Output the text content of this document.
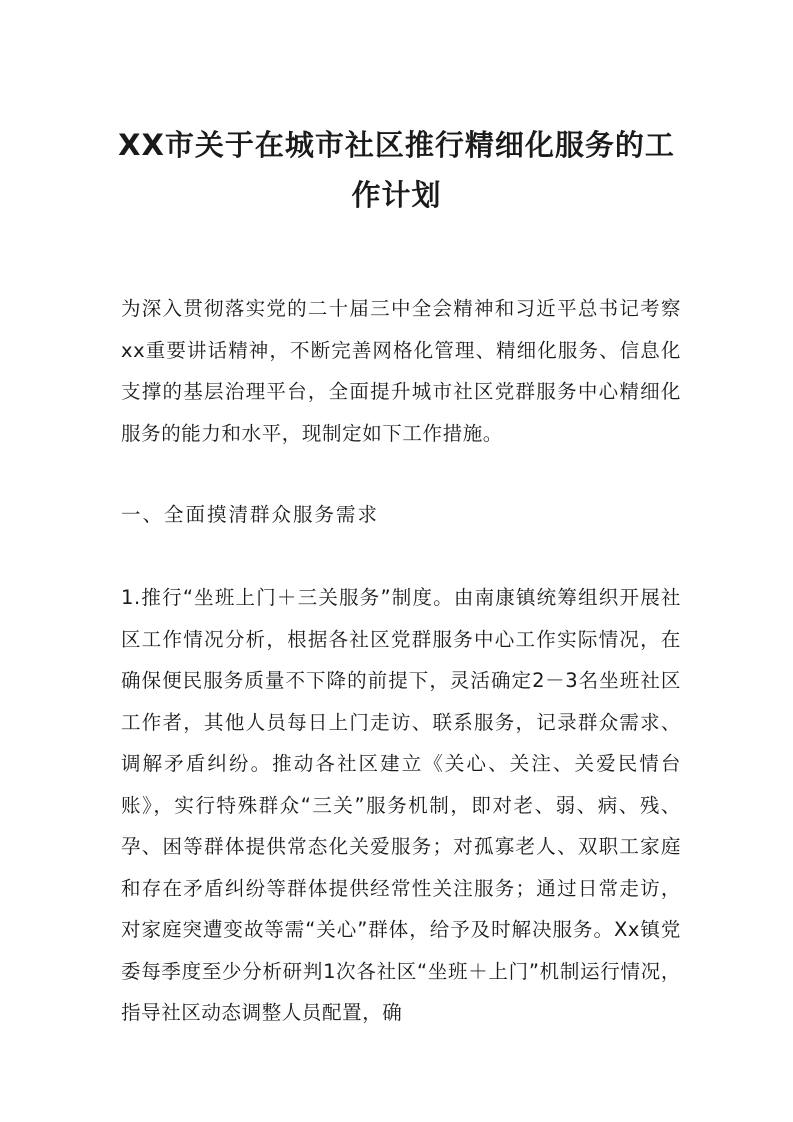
XX市关于在城市社区推行精细化服务的工作计划

为深入贯彻落实党的二十届三中全会精神和习近平总书记考察xx重要讲话精神，不断完善网格化管理、精细化服务、信息化支撑的基层治理平台，全面提升城市社区党群服务中心精细化服务的能力和水平，现制定如下工作措施。

一、全面摸清群众服务需求

1.推行“坐班上门＋三关服务”制度。由南康镇统筹组织开展社区工作情况分析，根据各社区党群服务中心工作实际情况，在确保便民服务质量不下降的前提下，灵活确定2－3名坐班社区工作者，其他人员每日上门走访、联系服务，记录群众需求、调解矛盾纠纷。推动各社区建立《关心、关注、关爱民情台账》，实行特殊群众“三关”服务机制，即对老、弱、病、残、孕、困等群体提供常态化关爱服务；对孤寡老人、双职工家庭和存在矛盾纠纷等群体提供经常性关注服务；通过日常走访，对家庭突遭变故等需“关心”群体，给予及时解决服务。Xx镇党委每季度至少分析研判1次各社区“坐班＋上门”机制运行情况，指导社区动态调整人员配置，确
